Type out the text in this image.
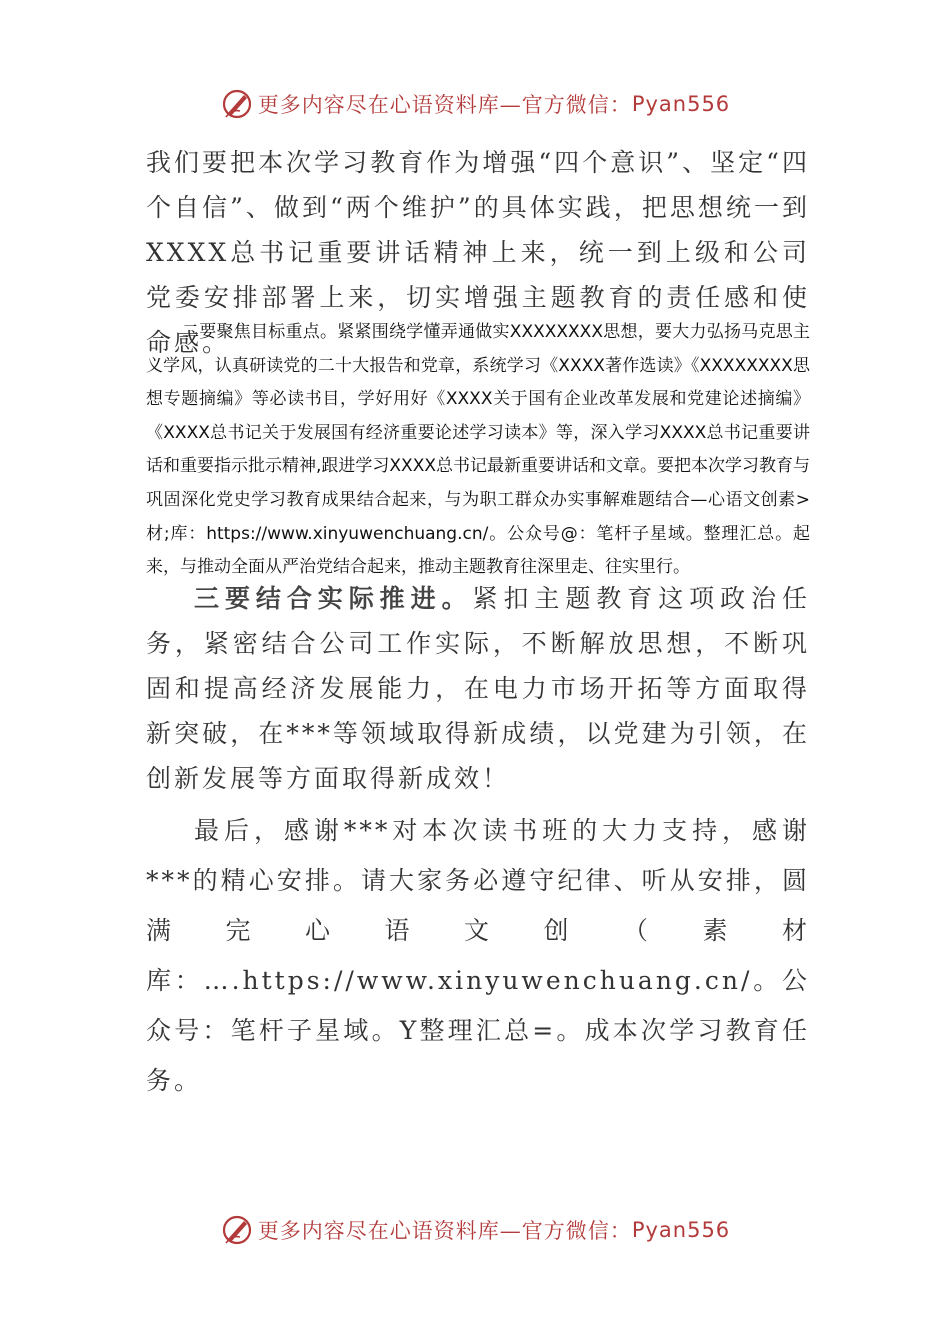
更多内容尽在心语资料库—官方微信： Pyan556

我们要把本次学习教育作为增强“四个意识”、坚定“四个自信”、做到“两个维护”的具体实践，把思想统一到XXXX总书记重要讲话精神上来，统一到上级和公司党委安排部署上来，切实增强主题教育的责任感和使命感。

二要聚焦目标重点。紧紧围绕学懂弄通做实XXXXXXXX思想，要大力弘扬马克思主义学风，认真研读党的二十大报告和党章，系统学习《XXXX著作选读》《XXXXXXXX思想专题摘编》等必读书目，学好用好《XXXX关于国有企业改革发展和党建论述摘编》《XXXX总书记关于发展国有经济重要论述学习读本》等，深入学习XXXX总书记重要讲话和重要指示批示精神,跟进学习XXXX总书记最新重要讲话和文章。要把本次学习教育与巩固深化党史学习教育成果结合起来，与为职工群众办实事解难题结合—心语文创素>材;库：https://www.xinyuwenchuang.cn/。公众号@：笔杆子星域。整理汇总。起来，与推动全面从严治党结合起来，推动主题教育往深里走、往实里行。

三要结合实际推进。紧扣主题教育这项政治任务，紧密结合公司工作实际，不断解放思想，不断巩固和提高经济发展能力，在电力市场开拓等方面取得新突破，在***等领域取得新成绩，以党建为引领，在创新发展等方面取得新成效！

最后，感谢***对本次读书班的大力支持，感谢***的精心安排。请大家务必遵守纪律、听从安排，圆满完心语文创（素材库：….https://www.xinyuwenchuang.cn/。公众号：笔杆子星域。Y整理汇总=。成本次学习教育任务。

更多内容尽在心语资料库—官方微信： Pyan556
